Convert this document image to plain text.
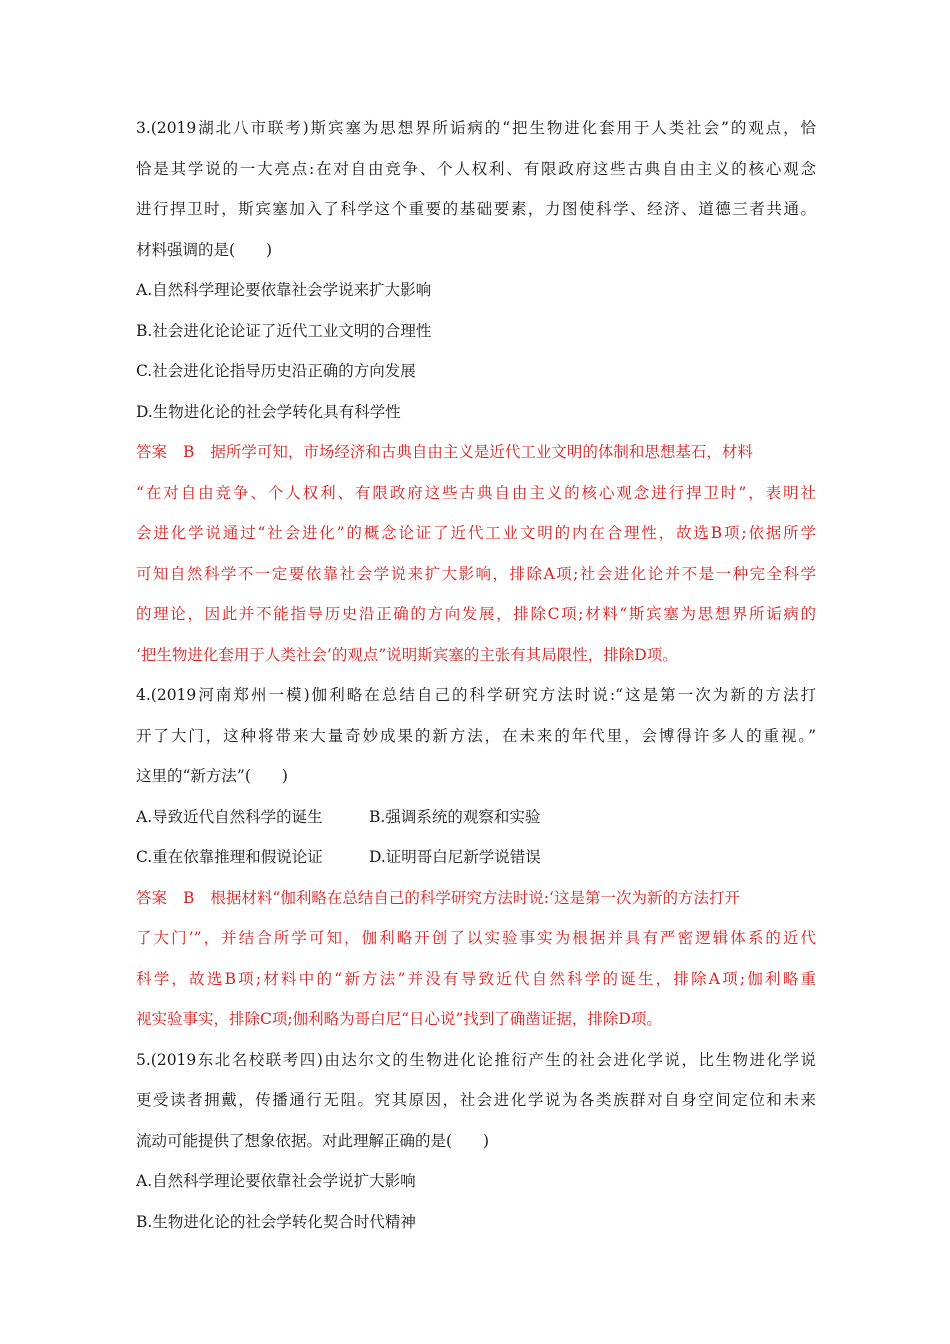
3.(2019湖北八市联考)斯宾塞为思想界所诟病的“把生物进化套用于人类社会”的观点，恰
恰是其学说的一大亮点:在对自由竞争、个人权利、有限政府这些古典自由主义的核心观念
进行捍卫时，斯宾塞加入了科学这个重要的基础要素，力图使科学、经济、道德三者共通。
材料强调的是(　　)
A.自然科学理论要依靠社会学说来扩大影响
B.社会进化论论证了近代工业文明的合理性
C.社会进化论指导历史沿正确的方向发展
D.生物进化论的社会学转化具有科学性
答案 B 据所学可知，市场经济和古典自由主义是近代工业文明的体制和思想基石，材料
“在对自由竞争、个人权利、有限政府这些古典自由主义的核心观念进行捍卫时”，表明社
会进化学说通过“社会进化”的概念论证了近代工业文明的内在合理性，故选B项;依据所学
可知自然科学不一定要依靠社会学说来扩大影响，排除A项;社会进化论并不是一种完全科学
的理论，因此并不能指导历史沿正确的方向发展，排除C项;材料“斯宾塞为思想界所诟病的
‘把生物进化套用于人类社会’的观点”说明斯宾塞的主张有其局限性，排除D项。
4.(2019河南郑州一模)伽利略在总结自己的科学研究方法时说:“这是第一次为新的方法打
开了大门，这种将带来大量奇妙成果的新方法，在未来的年代里，会博得许多人的重视。”
这里的“新方法”(　　)
A.导致近代自然科学的诞生	B.强调系统的观察和实验
C.重在依靠推理和假说论证	D.证明哥白尼新学说错误
答案 B 根据材料“伽利略在总结自己的科学研究方法时说:‘这是第一次为新的方法打开
了大门’”，并结合所学可知，伽利略开创了以实验事实为根据并具有严密逻辑体系的近代
科学，故选B项;材料中的“新方法”并没有导致近代自然科学的诞生，排除A项;伽利略重
视实验事实，排除C项;伽利略为哥白尼“日心说”找到了确凿证据，排除D项。
5.(2019东北名校联考四)由达尔文的生物进化论推衍产生的社会进化学说，比生物进化学说
更受读者拥戴，传播通行无阻。究其原因，社会进化学说为各类族群对自身空间定位和未来
流动可能提供了想象依据。对此理解正确的是(　　)
A.自然科学理论要依靠社会学说扩大影响
B.生物进化论的社会学转化契合时代精神
